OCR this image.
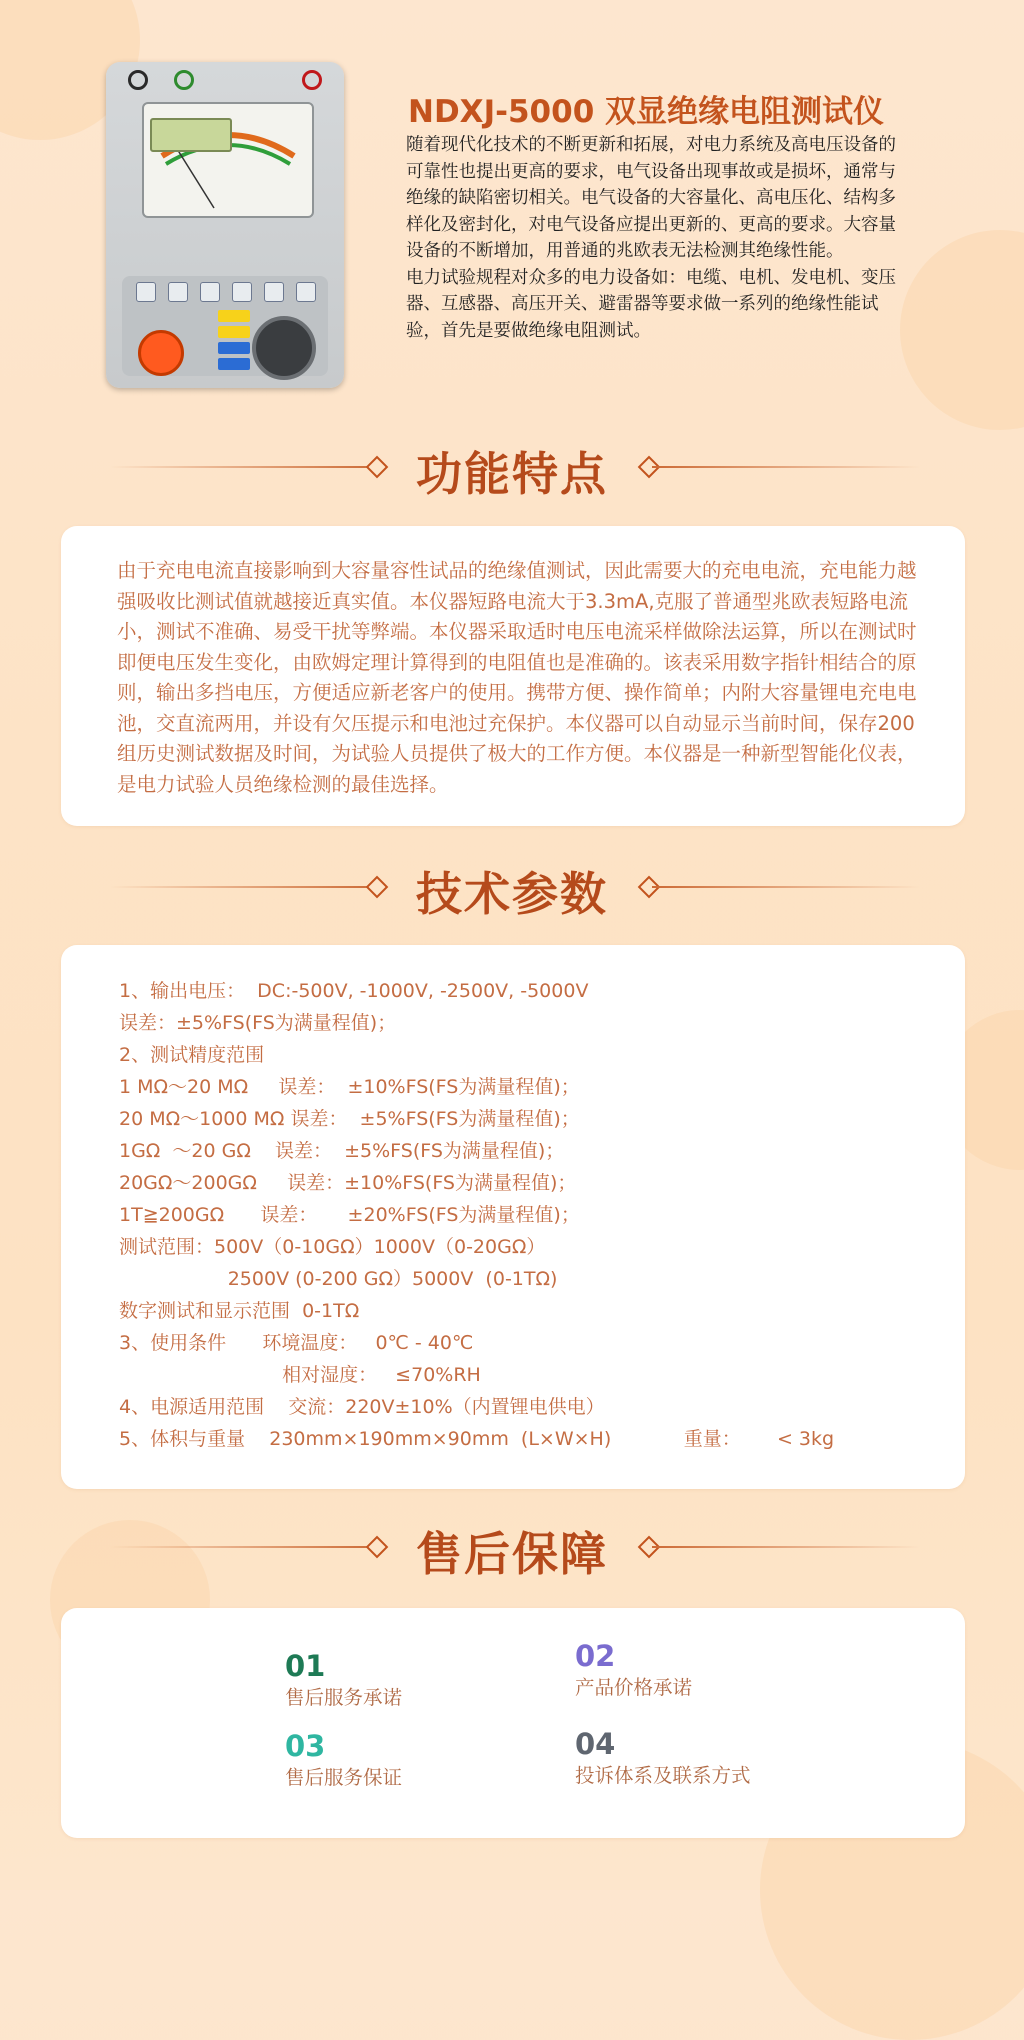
NDXJ-5000 双显绝缘电阻测试仪

随着现代化技术的不断更新和拓展，对电力系统及高电压设备的可靠性也提出更高的要求，电气设备出现事故或是损坏，通常与绝缘的缺陷密切相关。电气设备的大容量化、高电压化、结构多样化及密封化，对电气设备应提出更新的、更高的要求。大容量设备的不断增加，用普通的兆欧表无法检测其绝缘性能。

电力试验规程对众多的电力设备如：电缆、电机、发电机、变压器、互感器、高压开关、避雷器等要求做一系列的绝缘性能试验，首先是要做绝缘电阻测试。

功能特点

由于充电电流直接影响到大容量容性试品的绝缘值测试，因此需要大的充电电流，充电能力越强吸收比测试值就越接近真实值。本仪器短路电流大于3.3mA,克服了普通型兆欧表短路电流小，测试不准确、易受干扰等弊端。本仪器采取适时电压电流采样做除法运算，所以在测试时即便电压发生变化，由欧姆定理计算得到的电阻值也是准确的。该表采用数字指针相结合的原则，输出多挡电压，方便适应新老客户的使用。携带方便、操作简单；内附大容量锂电充电电池，交直流两用，并设有欠压提示和电池过充保护。本仪器可以自动显示当前时间，保存200组历史测试数据及时间，为试验人员提供了极大的工作方便。本仪器是一种新型智能化仪表，是电力试验人员绝缘检测的最佳选择。

技术参数
1、输出电压：  DC:-500V, -1000V, -2500V, -5000V
误差：±5%FS(FS为满量程值)；
2、测试精度范围
1 MΩ～20 MΩ     误差：  ±10%FS(FS为满量程值)；
20 MΩ～1000 MΩ 误差：  ±5%FS(FS为满量程值)；
1GΩ  ～20 GΩ    误差：  ±5%FS(FS为满量程值)；
20GΩ～200GΩ     误差：±10%FS(FS为满量程值)；
1T≧200GΩ      误差：     ±20%FS(FS为满量程值)；
测试范围：500V（0-10GΩ）1000V（0-20GΩ）
2500V (0-200 GΩ）5000V  (0-1TΩ)
数字测试和显示范围  0-1TΩ
3、使用条件      环境温度：   0℃ - 40℃
相对湿度：   ≤70%RH
4、电源适用范围    交流：220V±10%（内置锂电供电）
5、体积与重量    230mm×190mm×90mm  (L×W×H)            重量：      < 3kg
售后保障
01
售后服务承诺
02
产品价格承诺
03
售后服务保证
04
投诉体系及联系方式
